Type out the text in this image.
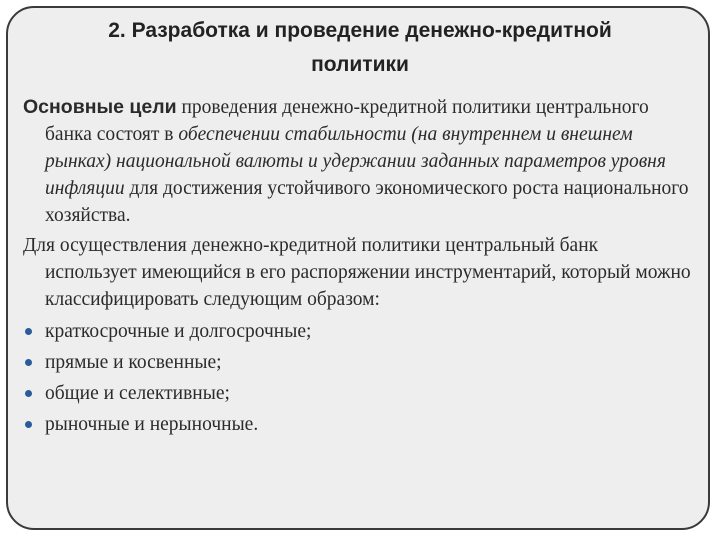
2. Разработка и проведение денежно-кредитной
политики

Основные цели проведения денежно-кредитной политики центрального банка состоят в обеспечении стабильности (на внутреннем и внешнем рынках) национальной валюты и удержании заданных параметров уровня инфляции для достижения устойчивого экономического роста национального хозяйства.

Для осуществления денежно-кредитной политики центральный банк использует имеющийся в его распоряжении инструментарий, который можно классифицировать следующим образом:

краткосрочные и долгосрочные;
прямые и косвенные;
общие и селективные;
рыночные и нерыночные.
